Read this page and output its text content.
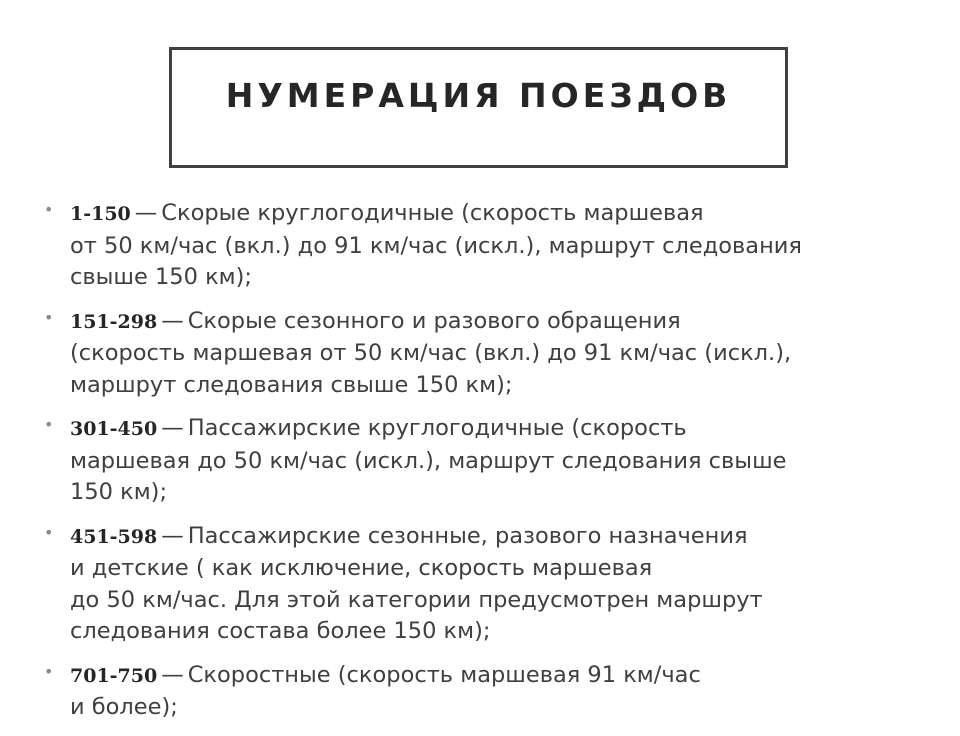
НУМЕРАЦИЯ ПОЕЗДОВ
• 1-150 — Скорые круглогодичные (скорость маршевая
от 50 км/час (вкл.) до 91 км/час (искл.), маршрут следования
свыше 150 км);
• 151-298 — Скорые сезонного и разового обращения
(скорость маршевая от 50 км/час (вкл.) до 91 км/час (искл.),
маршрут следования свыше 150 км);
• 301-450 — Пассажирские круглогодичные (скорость
маршевая до 50 км/час (искл.), маршрут следования свыше
150 км);
• 451-598 — Пассажирские сезонные, разового назначения
и детские ( как исключение, скорость маршевая
до 50 км/час. Для этой категории предусмотрен маршрут
следования состава более 150 км);
• 701-750 — Скоростные (скорость маршевая 91 км/час
и более);
